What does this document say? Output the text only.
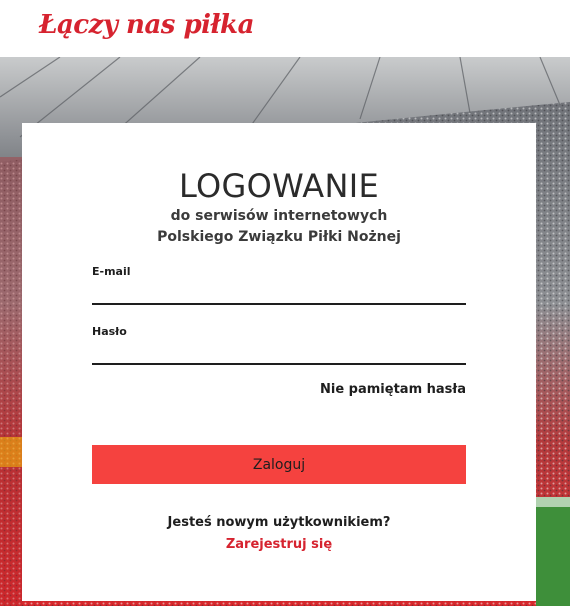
Łączy nas piłka
LOGOWANIE
do serwisów internetowych
Polskiego Związku Piłki Nożnej
E-mail
Hasło
Nie pamiętam hasła
Zaloguj
Jesteś nowym użytkownikiem?
Zarejestruj się
